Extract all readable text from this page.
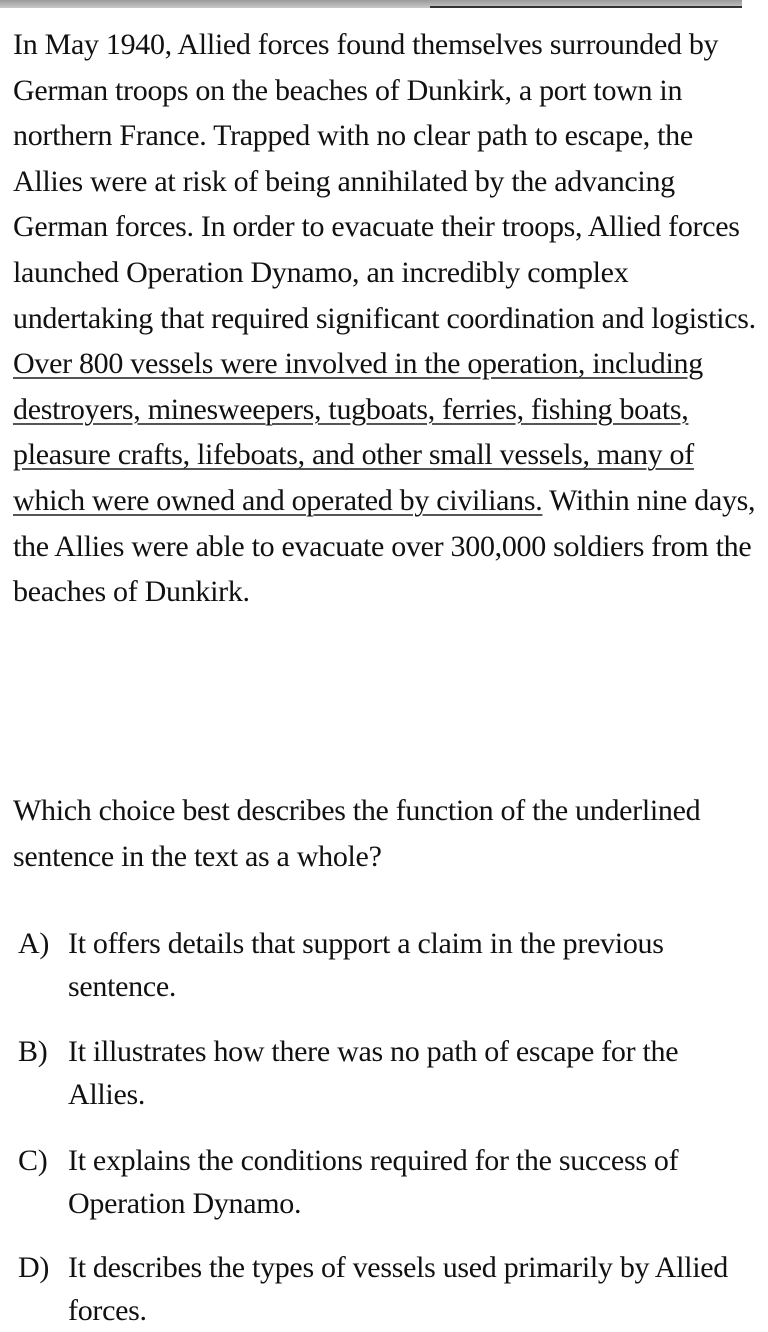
In May 1940, Allied forces found themselves surrounded by German troops on the beaches of Dunkirk, a port town in northern France. Trapped with no clear path to escape, the Allies were at risk of being annihilated by the advancing German forces. In order to evacuate their troops, Allied forces launched Operation Dynamo, an incredibly complex undertaking that required significant coordination and logistics. Over 800 vessels were involved in the operation, including destroyers, minesweepers, tugboats, ferries, fishing boats, pleasure crafts, lifeboats, and other small vessels, many of which were owned and operated by civilians. Within nine days, the Allies were able to evacuate over 300,000 soldiers from the beaches of Dunkirk.

Which choice best describes the function of the underlined sentence in the text as a whole?

A) It offers details that support a claim in the previous sentence.
B) It illustrates how there was no path of escape for the Allies.
C) It explains the conditions required for the success of Operation Dynamo.
D) It describes the types of vessels used primarily by Allied forces.
